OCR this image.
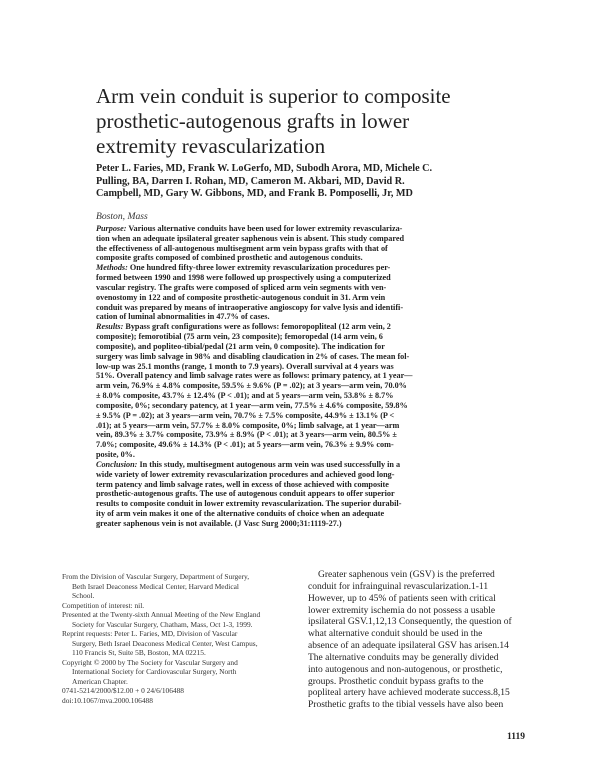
Arm vein conduit is superior to composite
prosthetic-autogenous grafts in lower
extremity revascularization
Peter L. Faries, MD, Frank W. LoGerfo, MD, Subodh Arora, MD, Michele C.
Pulling, BA, Darren I. Rohan, MD, Cameron M. Akbari, MD, David R.
Campbell, MD, Gary W. Gibbons, MD, and Frank B. Pomposelli, Jr, MD
Boston, Mass
Purpose: Various alternative conduits have been used for lower extremity revasculariza-
tion when an adequate ipsilateral greater saphenous vein is absent. This study compared
the effectiveness of all-autogenous multisegment arm vein bypass grafts with that of
composite grafts composed of combined prosthetic and autogenous conduits.
Methods: One hundred fifty-three lower extremity revascularization procedures per-
formed between 1990 and 1998 were followed up prospectively using a computerized
vascular registry. The grafts were composed of spliced arm vein segments with ven-
ovenostomy in 122 and of composite prosthetic-autogenous conduit in 31. Arm vein
conduit was prepared by means of intraoperative angioscopy for valve lysis and identifi-
cation of luminal abnormalities in 47.7% of cases.
Results: Bypass graft configurations were as follows: femoropopliteal (12 arm vein, 2
composite); femorotibial (75 arm vein, 23 composite); femoropedal (14 arm vein, 6
composite), and popliteo-tibial/pedal (21 arm vein, 0 composite). The indication for
surgery was limb salvage in 98% and disabling claudication in 2% of cases. The mean fol-
low-up was 25.1 months (range, 1 month to 7.9 years). Overall survival at 4 years was
51%. Overall patency and limb salvage rates were as follows: primary patency, at 1 year—
arm vein, 76.9% ± 4.8% composite, 59.5% ± 9.6% (P = .02); at 3 years—arm vein, 70.0%
± 8.0% composite, 43.7% ± 12.4% (P < .01); and at 5 years—arm vein, 53.8% ± 8.7%
composite, 0%; secondary patency, at 1 year—arm vein, 77.5% ± 4.6% composite, 59.8%
± 9.5% (P = .02); at 3 years—arm vein, 70.7% ± 7.5% composite, 44.9% ± 13.1% (P <
.01); at 5 years—arm vein, 57.7% ± 8.0% composite, 0%; limb salvage, at 1 year—arm
vein, 89.3% ± 3.7% composite, 73.9% ± 8.9% (P < .01); at 3 years—arm vein, 80.5% ±
7.0%; composite, 49.6% ± 14.3% (P < .01); at 5 years—arm vein, 76.3% ± 9.9% com-
posite, 0%.
Conclusion: In this study, multisegment autogenous arm vein was used successfully in a
wide variety of lower extremity revascularization procedures and achieved good long-
term patency and limb salvage rates, well in excess of those achieved with composite
prosthetic-autogenous grafts. The use of autogenous conduit appears to offer superior
results to composite conduit in lower extremity revascularization. The superior durabil-
ity of arm vein makes it one of the alternative conduits of choice when an adequate
greater saphenous vein is not available. (J Vasc Surg 2000;31:1119-27.)
From the Division of Vascular Surgery, Department of Surgery,
Beth Israel Deaconess Medical Center, Harvard Medical
School.
Competition of interest: nil.
Presented at the Twenty-sixth Annual Meeting of the New England
Society for Vascular Surgery, Chatham, Mass, Oct 1-3, 1999.
Reprint requests: Peter L. Faries, MD, Division of Vascular
Surgery, Beth Israel Deaconess Medical Center, West Campus,
110 Francis St, Suite 5B, Boston, MA 02215.
Copyright © 2000 by The Society for Vascular Surgery and
International Society for Cardiovascular Surgery, North
American Chapter.
0741-5214/2000/$12.00 + 0 24/6/106488
doi:10.1067/mva.2000.106488
Greater saphenous vein (GSV) is the preferred
conduit for infrainguinal revascularization.1-11
However, up to 45% of patients seen with critical
lower extremity ischemia do not possess a usable
ipsilateral GSV.1,12,13 Consequently, the question of
what alternative conduit should be used in the
absence of an adequate ipsilateral GSV has arisen.14
The alternative conduits may be generally divided
into autogenous and non-autogenous, or prosthetic,
groups. Prosthetic conduit bypass grafts to the
popliteal artery have achieved moderate success.8,15
Prosthetic grafts to the tibial vessels have also been
1119
